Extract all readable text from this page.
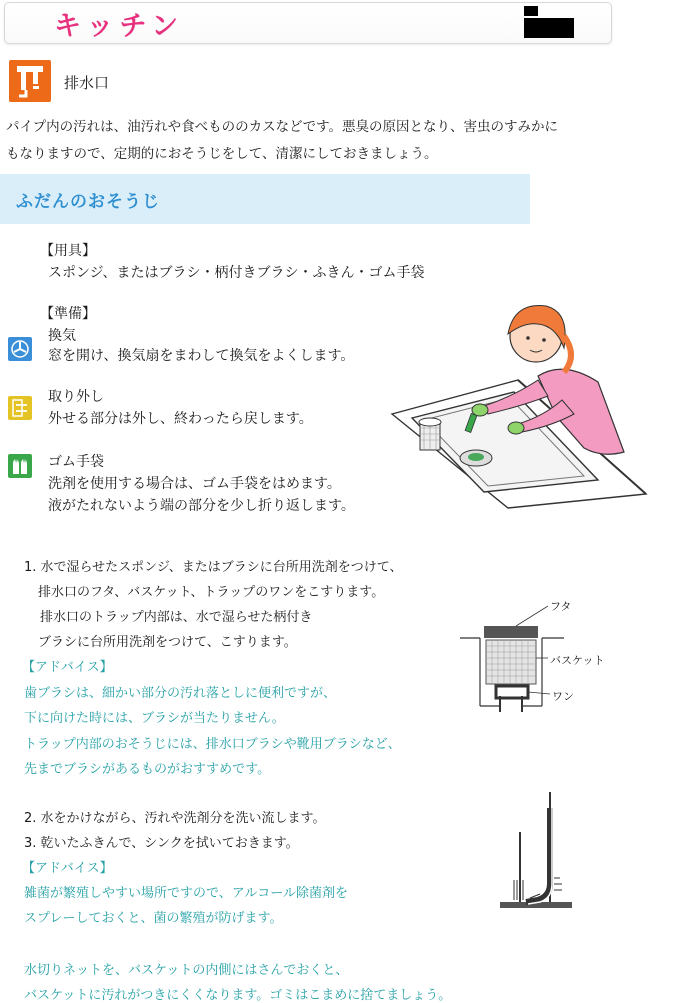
キッチン
排水口
パイプ内の汚れは、油汚れや食べもののカスなどです。悪臭の原因となり、害虫のすみかに
もなりますので、定期的におそうじをして、清潔にしておきましょう。
ふだんのおそうじ
【用具】
スポンジ、またはブラシ・柄付きブラシ・ふきん・ゴム手袋
【準備】
換気
窓を開け、換気扇をまわして換気をよくします。
取り外し
外せる部分は外し、終わったら戻します。
ゴム手袋
洗剤を使用する場合は、ゴム手袋をはめます。
液がたれないよう端の部分を少し折り返します。
1. 水で湿らせたスポンジ、またはブラシに台所用洗剤をつけて、
排水口のフタ、バスケット、トラップのワンをこすります。
排水口のトラップ内部は、水で湿らせた柄付き
ブラシに台所用洗剤をつけて、こすります。
【アドバイス】
歯ブラシは、細かい部分の汚れ落としに便利ですが、
下に向けた時には、ブラシが当たりません。
トラップ内部のおそうじには、排水口ブラシや靴用ブラシなど、
先までブラシがあるものがおすすめです。
フタ
バスケット
ワン
2. 水をかけながら、汚れや洗剤分を洗い流します。
3. 乾いたふきんで、シンクを拭いておきます。
【アドバイス】
雑菌が繁殖しやすい場所ですので、アルコール除菌剤を
スプレーしておくと、菌の繁殖が防げます。
水切りネットを、バスケットの内側にはさんでおくと、
バスケットに汚れがつきにくくなります。ゴミはこまめに捨てましょう。
